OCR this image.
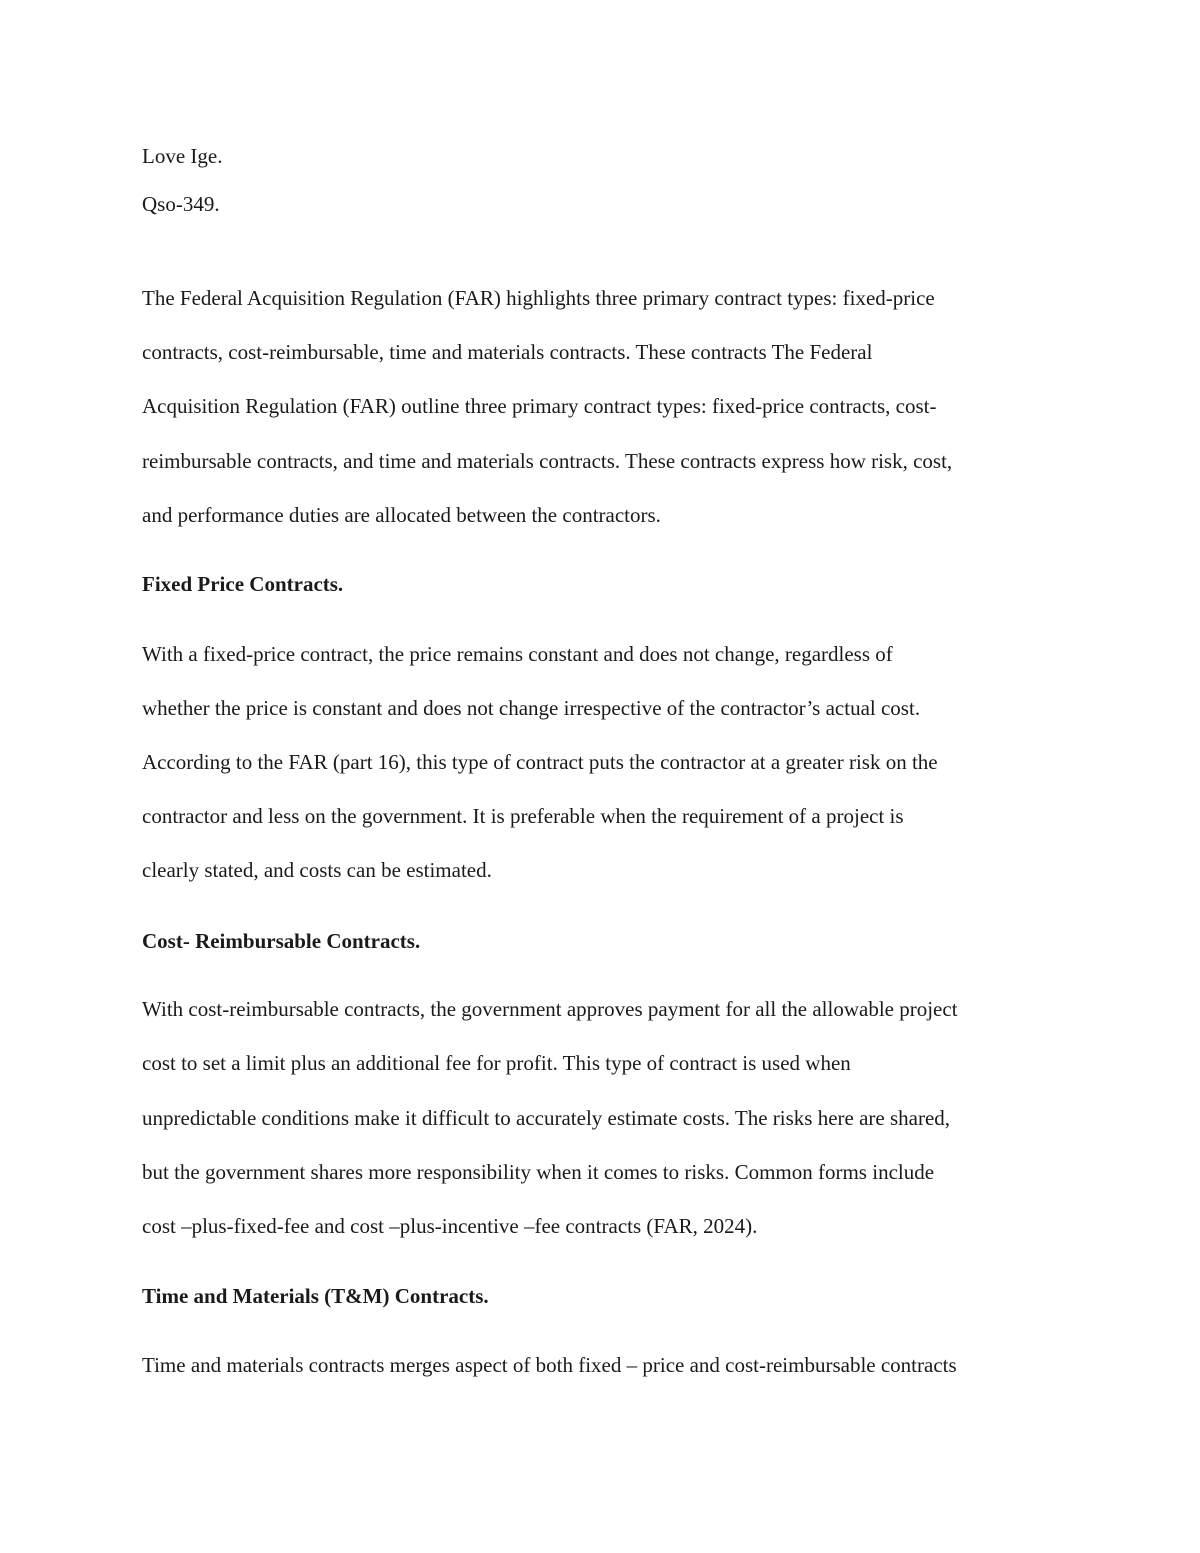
Love Ige.
Qso-349.
The Federal Acquisition Regulation (FAR) highlights three primary contract types: fixed-price
contracts, cost-reimbursable, time and materials contracts. These contracts The Federal
Acquisition Regulation (FAR) outline three primary contract types: fixed-price contracts, cost-
reimbursable contracts, and time and materials contracts. These contracts express how risk, cost,
and performance duties are allocated between the contractors.
Fixed Price Contracts.
With a fixed-price contract, the price remains constant and does not change, regardless of
whether the price is constant and does not change irrespective of the contractor’s actual cost.
According to the FAR (part 16), this type of contract puts the contractor at a greater risk on the
contractor and less on the government. It is preferable when the requirement of a project is
clearly stated, and costs can be estimated.
Cost- Reimbursable Contracts.
With cost-reimbursable contracts, the government approves payment for all the allowable project
cost to set a limit plus an additional fee for profit. This type of contract is used when
unpredictable conditions make it difficult to accurately estimate costs. The risks here are shared,
but the government shares more responsibility when it comes to risks. Common forms include
cost –plus-fixed-fee and cost –plus-incentive –fee contracts (FAR, 2024).
Time and Materials (T&M) Contracts.
Time and materials contracts merges aspect of both fixed – price and cost-reimbursable contracts
